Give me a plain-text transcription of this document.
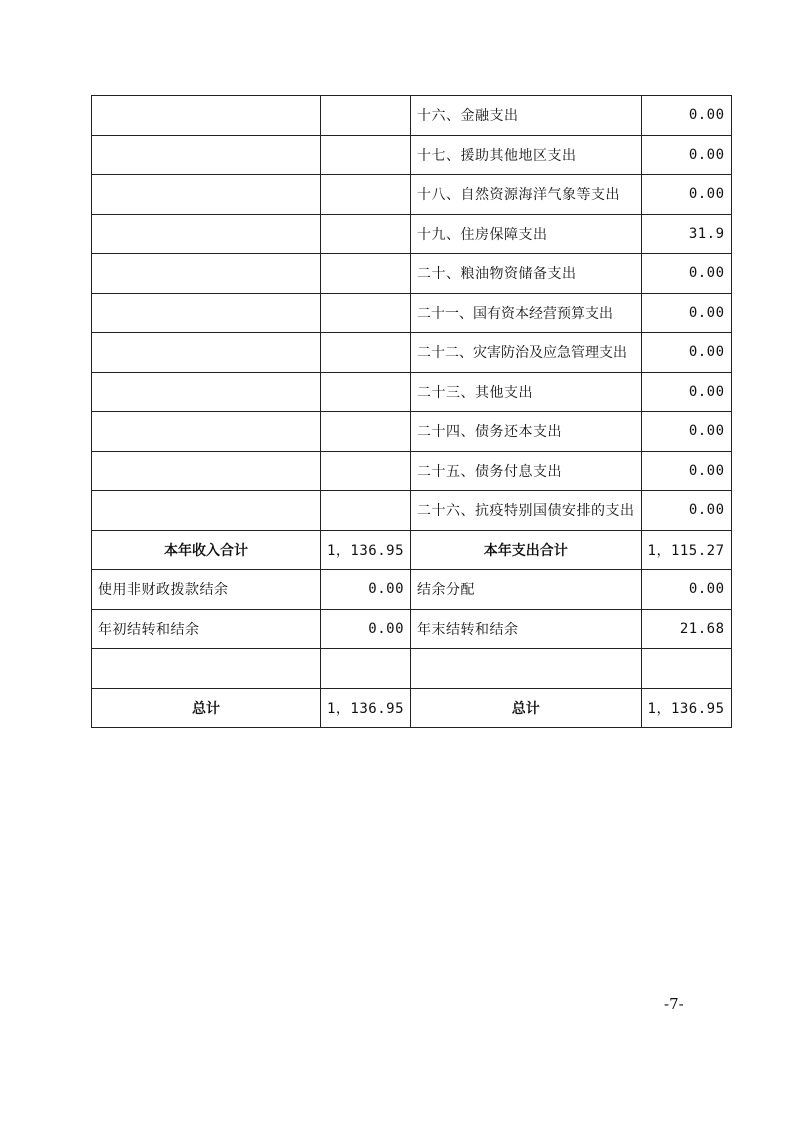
		十六、金融支出	0.00
		十七、援助其他地区支出	0.00
		十八、自然资源海洋气象等支出	0.00
		十九、住房保障支出	31.9
		二十、粮油物资储备支出	0.00
		二十一、国有资本经营预算支出	0.00
		二十二、灾害防治及应急管理支出	0.00
		二十三、其他支出	0.00
		二十四、债务还本支出	0.00
		二十五、债务付息支出	0.00
		二十六、抗疫特别国债安排的支出	0.00
本年收入合计	1，136.95	本年支出合计	1，115.27
使用非财政拨款结余	0.00	结余分配	0.00
年初结转和结余	0.00	年末结转和结余	21.68

总计	1，136.95	总计	1，136.95
-7-
